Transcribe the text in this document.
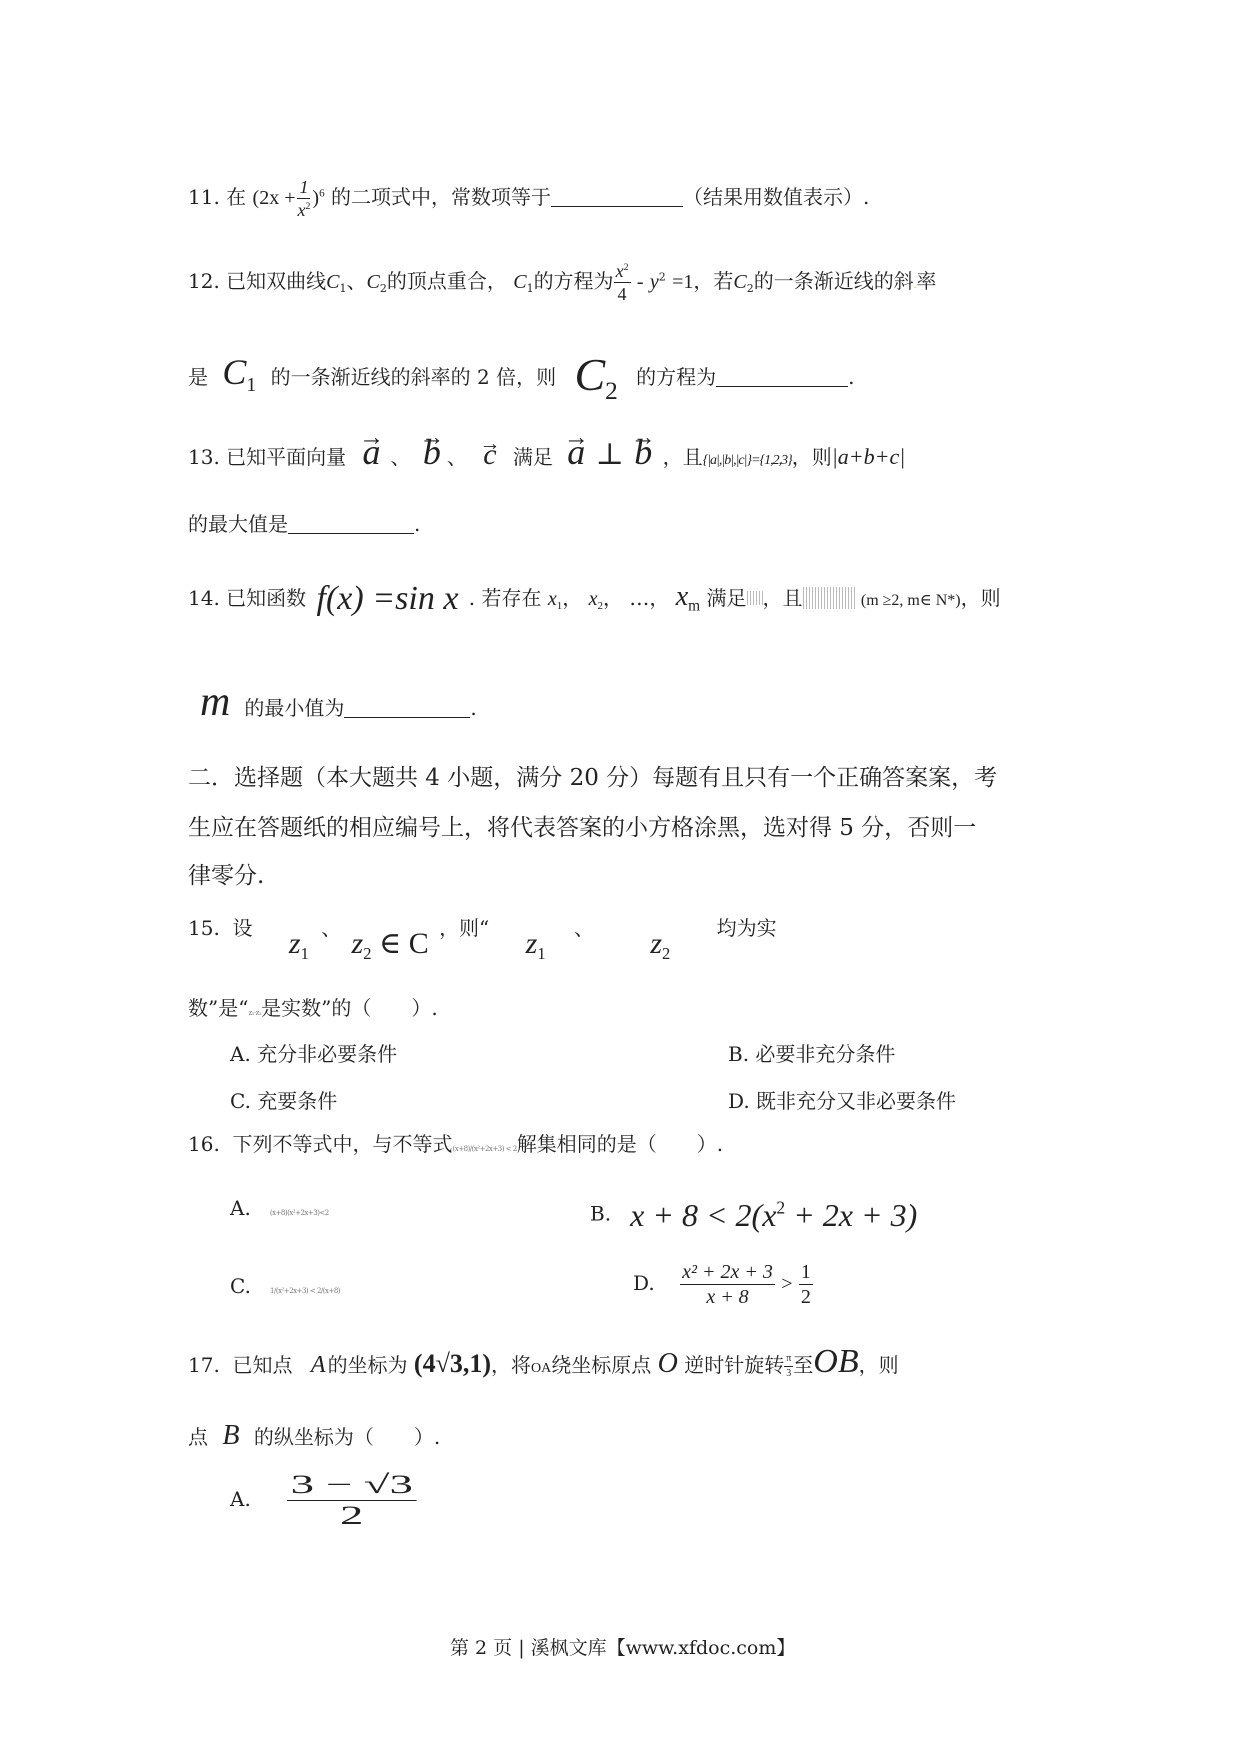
11. 在 $(2x + \frac{1}{x^2} )^6$ 的二项式中，常数项等于	（结果用数值表示）.
12. 已知双曲线$C_1$、$C_2$的顶点重合， $C_1$的方程为 $\frac{x^2}{4} - y^2 =1$，若$C_2$的一条渐近线的斜.率
是 $C_1$ 的一条渐近线的斜率的 2 倍，则 $C_2$ 的方程为	.
13. 已知平面向量 → a 、 → b 、 → c 满足 → a ⊥ → b ，且{|a|,|b|,|c|}={1,2,3}，则|a+b+c|
的最大值是	.
14. 已知函数 f(x) =sin x . 若存在 $x_1$， $x_2$， …， $x_m$ 满足 ，且	(m ≥2, m∈ N*)，则
m的最小值为	.
二．选择题（本大题共 4 小题，满分 20 分）每题有且只有一个正确答案案，考
生应在答题纸的相应编号上，将代表答案的小方格涂黑，选对得 5 分，否则一
律零分.
15. 设 $z_1$ 、 $z_2$ ∈ C ，则“ $z_1$ 、 $z_2$ 均为实
数”是“z₁·z₂是实数”的（　　）.
A. 充分非必要条件	B. 必要非充分条件
C. 充要条件	D. 既非充分又非必要条件
16. 下列不等式中，与不等式(x+8)/(x²+2x+3) < 2解集相同的是（　　）.
A.	(x+8)(x²+2x+3)<2	B. $x + 8 < 2(x^2 + 2x + 3)$
C.	1/(x²+2x+3) < 2/(x+8)	D. $\frac{\text{x² + 2x + 3}}{x + 8} > \frac{1}{2}$
17. 已知点 A 的坐标为 (4√3,1)，将OA绕坐标原点 O 逆时针旋转 $\frac{\pi}{3}$ 至OB，则
点 B 的纵坐标为（　　）.
A. $\frac{3 - √3}{2}$
第 2 页 | 溪枫文库【www.xfdoc.com】
